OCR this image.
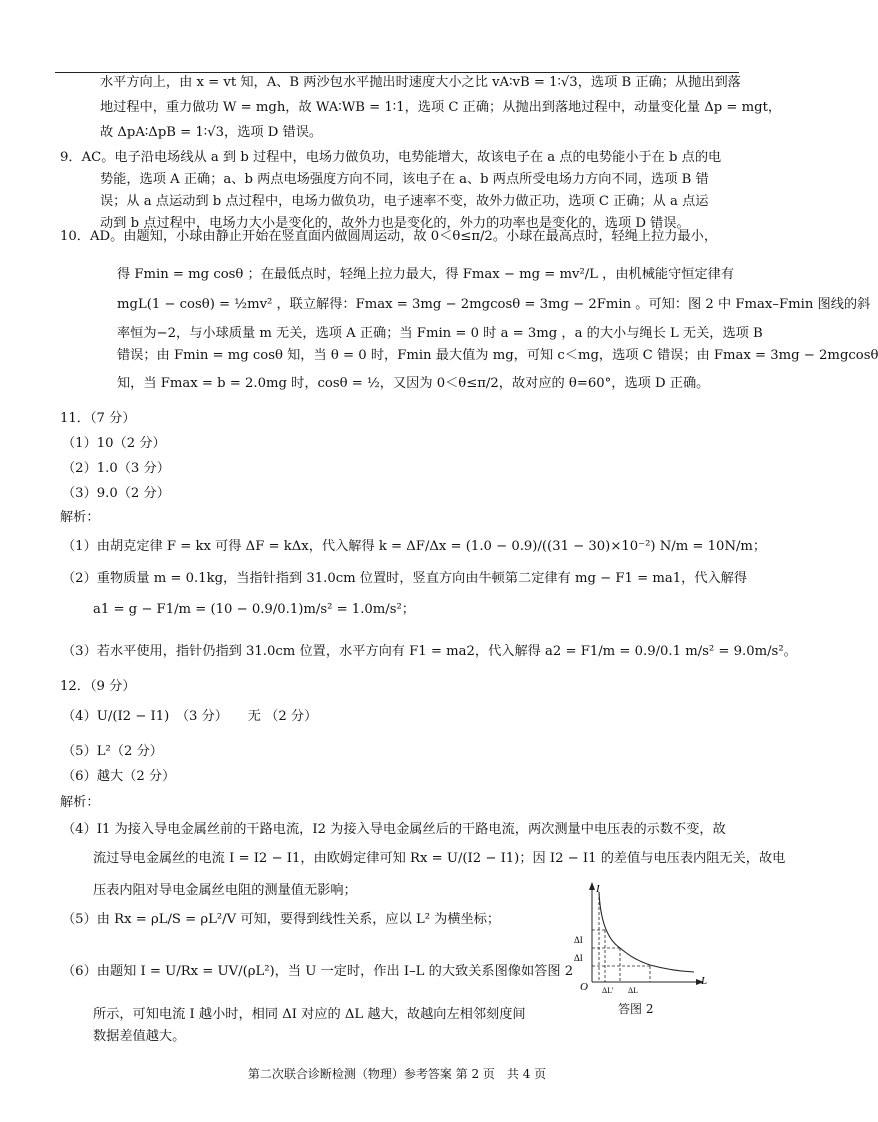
水平方向上，由 x = vt 知，A、B 两沙包水平抛出时速度大小之比 vA∶vB = 1∶√3，选项 B 正确；从抛出到落
地过程中，重力做功 W = mgh，故 WA∶WB = 1∶1，选项 C 正确；从抛出到落地过程中，动量变化量 Δp = mgt，
故 ΔpA∶ΔpB = 1∶√3，选项 D 错误。
9．AC。电子沿电场线从 a 到 b 过程中，电场力做负功，电势能增大，故该电子在 a 点的电势能小于在 b 点的电
势能，选项 A 正确；a、b 两点电场强度方向不同，该电子在 a、b 两点所受电场力方向不同，选项 B 错
误；从 a 点运动到 b 点过程中，电场力做负功，电子速率不变，故外力做正功，选项 C 正确；从 a 点运
动到 b 点过程中，电场力大小是变化的，故外力也是变化的，外力的功率也是变化的，选项 D 错误。
10．AD。由题知，小球由静止开始在竖直面内做圆周运动，故 0＜θ≤π/2。小球在最高点时，轻绳上拉力最小，
得 Fmin = mg cosθ ；在最低点时，轻绳上拉力最大，得 Fmax − mg = mv²/L ，由机械能守恒定律有
mgL(1 − cosθ) = ½mv² ，联立解得：Fmax = 3mg − 2mgcosθ = 3mg − 2Fmin 。可知：图 2 中 Fmax–Fmin 图线的斜
率恒为−2，与小球质量 m 无关，选项 A 正确；当 Fmin = 0 时 a = 3mg ，a 的大小与绳长 L 无关，选项 B
错误；由 Fmin = mg cosθ 知，当 θ = 0 时，Fmin 最大值为 mg，可知 c＜mg，选项 C 错误；由 Fmax = 3mg − 2mgcosθ
知，当 Fmax = b = 2.0mg 时，cosθ = ½，又因为 0＜θ≤π/2，故对应的 θ=60°，选项 D 正确。
11．（7 分）
（1）10（2 分）
（2）1.0（3 分）
（3）9.0（2 分）
解析：
（1）由胡克定律 F = kx 可得 ΔF = kΔx，代入解得 k = ΔF/Δx = (1.0 − 0.9)/((31 − 30)×10⁻²) N/m = 10N/m；
（2）重物质量 m = 0.1kg，当指针指到 31.0cm 位置时，竖直方向由牛顿第二定律有 mg − F1 = ma1，代入解得
a1 = g − F1/m = (10 − 0.9/0.1)m/s² = 1.0m/s²；
（3）若水平使用，指针仍指到 31.0cm 位置，水平方向有 F1 = ma2，代入解得 a2 = F1/m = 0.9/0.1 m/s² = 9.0m/s²。
12．（9 分）
（4）U/(I2 − I1)　（3 分）　　无 （2 分）
（5）L²（2 分）
（6）越大（2 分）
解析：
（4）I1 为接入导电金属丝前的干路电流，I2 为接入导电金属丝后的干路电流，两次测量中电压表的示数不变，故
流过导电金属丝的电流 I = I2 − I1，由欧姆定律可知 Rx = U/(I2 − I1)；因 I2 − I1 的差值与电压表内阻无关，故电
压表内阻对导电金属丝电阻的测量值无影响；
（5）由 Rx = ρL/S = ρL²/V 可知，要得到线性关系，应以 L² 为横坐标；
（6）由题知 I = U/Rx = UV/(ρL²)，当 U 一定时，作出 I–L 的大致关系图像如答图 2
所示，可知电流 I 越小时，相同 ΔI 对应的 ΔL 越大，故越向左相邻刻度间
数据差值越大。
I
L
O
ΔI
ΔI
ΔL' ΔL
答图 2
第二次联合诊断检测（物理）参考答案 第 2 页　共 4 页
